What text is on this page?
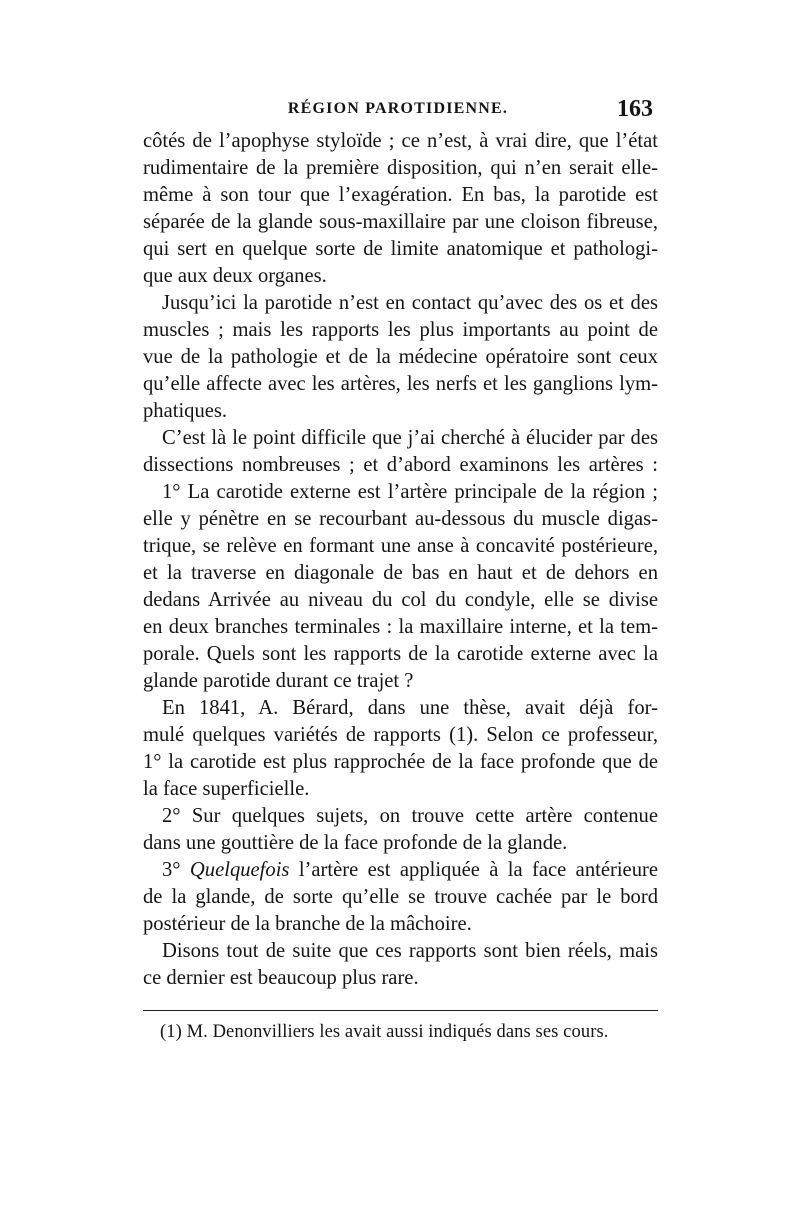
RÉGION PAROTIDIENNE.	163
côtés de l’apophyse styloïde ; ce n’est, à vrai dire, que l’état
rudimentaire de la première disposition, qui n’en serait elle-
même à son tour que l’exagération. En bas, la parotide est
séparée de la glande sous-maxillaire par une cloison fibreuse,
qui sert en quelque sorte de limite anatomique et pathologi-
que aux deux organes.
Jusqu’ici la parotide n’est en contact qu’avec des os et des
muscles ; mais les rapports les plus importants au point de
vue de la pathologie et de la médecine opératoire sont ceux
qu’elle affecte avec les artères, les nerfs et les ganglions lym-
phatiques.
C’est là le point difficile que j’ai cherché à élucider par des
dissections nombreuses ; et d’abord examinons les artères :
1° La carotide externe est l’artère principale de la région ;
elle y pénètre en se recourbant au-dessous du muscle digas-
trique, se relève en formant une anse à concavité postérieure,
et la traverse en diagonale de bas en haut et de dehors en
dedans Arrivée au niveau du col du condyle, elle se divise
en deux branches terminales : la maxillaire interne, et la tem-
porale. Quels sont les rapports de la carotide externe avec la
glande parotide durant ce trajet ?
En 1841, A. Bérard, dans une thèse, avait déjà for-
mulé quelques variétés de rapports (1). Selon ce professeur,
1° la carotide est plus rapprochée de la face profonde que de
la face superficielle.
2° Sur quelques sujets, on trouve cette artère contenue
dans une gouttière de la face profonde de la glande.
3° Quelquefois l’artère est appliquée à la face antérieure
de la glande, de sorte qu’elle se trouve cachée par le bord
postérieur de la branche de la mâchoire.
Disons tout de suite que ces rapports sont bien réels, mais
ce dernier est beaucoup plus rare.
(1) M. Denonvilliers les avait aussi indiqués dans ses cours.
